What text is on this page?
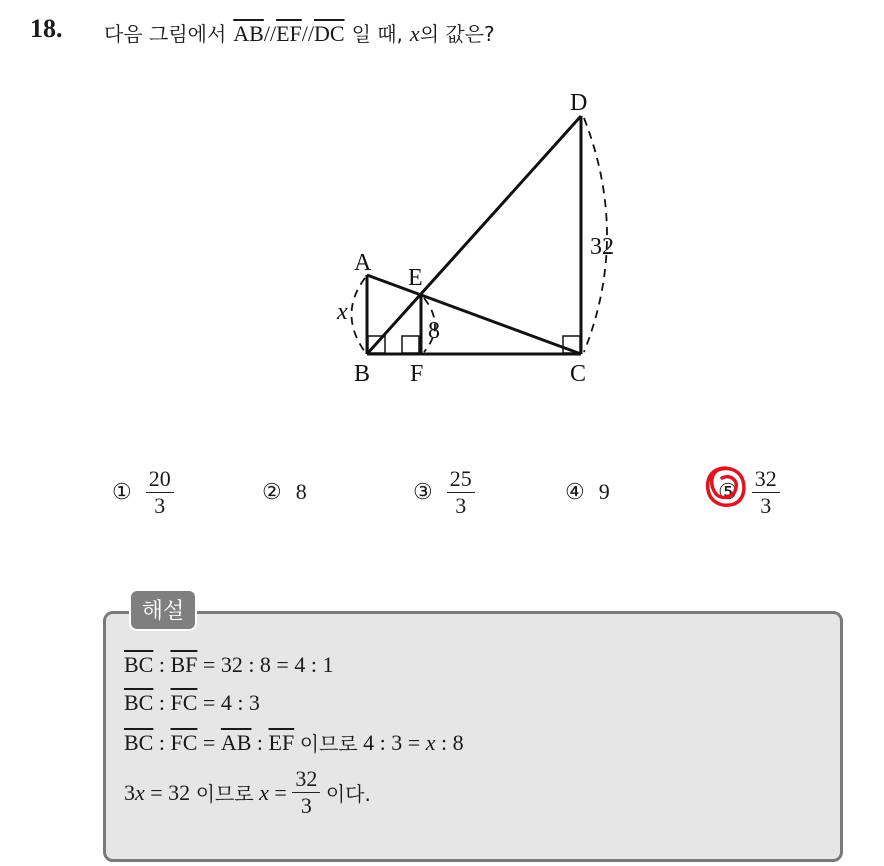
18. 다음 그림에서 $\overline{AB}//\overline{EF}//\overline{DC}$ 일 때, x의 값은?
A
B	C
D
E
F
32
8
x
① $\frac{20}{3}$	② 8	③ $\frac{25}{3}$	④ 9	⑤ $\frac{32}{3}$
해설
$\overline{BC}$
:
$\overline{BF}$
= 32 : 8 = 4 : 1
$\overline{BC}$
:
$\overline{FC}$
= 4 : 3
$\overline{BC}$
:
$\overline{FC}$
=
$\overline{AB}$
:
$\overline{EF}$
이므로
4 : 3 =
x
: 8
3 x
= 32
이므로
x
=
$\frac{32}{3}$
이다.
